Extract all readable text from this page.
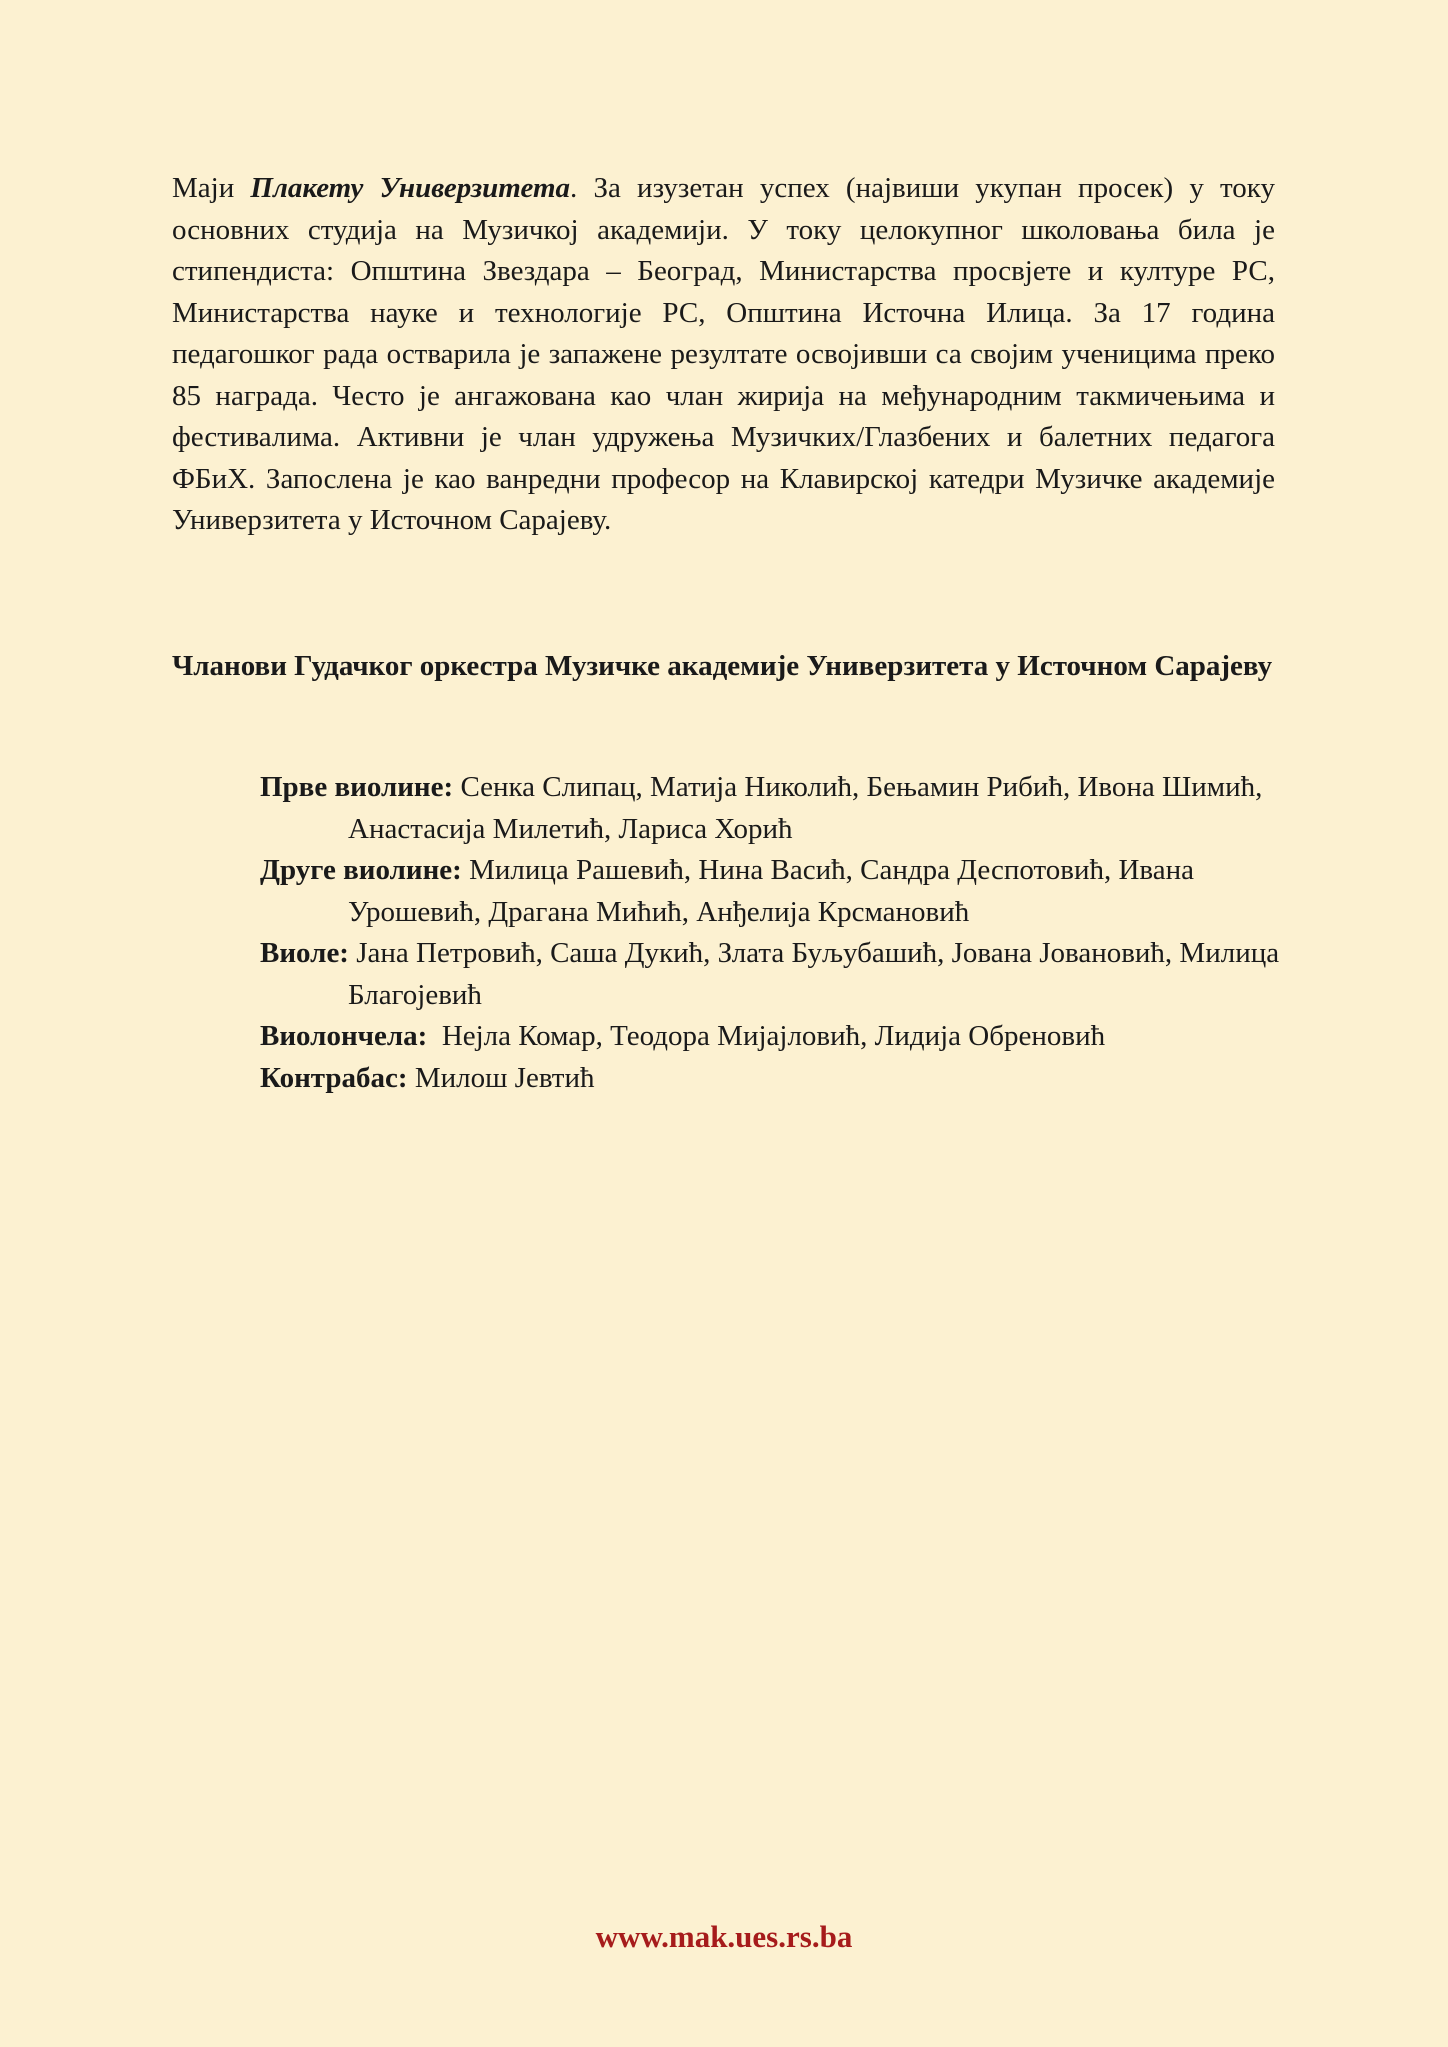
Маји Плакету Универзитета. За изузетан успех (највиши укупан просек) у току основних студија на Музичкој академији. У току целокупног школовања била је стипендиста: Општина Звездара – Београд, Министарства просвјете и културе РС, Министарства науке и технологије РС, Општина Источна Илица. За 17 година педагошког рада остварила је запажене резултате освојивши са својим ученицима преко 85 награда. Често је ангажована као члан жирија на међународним такмичењима и фестивалима. Активни је члан удружења Музичких/Глазбених и балетних педагога ФБиХ. Запослена је као ванредни професор на Клавирској катедри Музичке академије Универзитета у Источном Сарајеву.

Чланови Гудачког оркестра Музичке академије Универзитета у Источном Сарајеву

Прве виолине: Сенка Слипац, Матија Николић, Бењамин Рибић, Ивона Шимић, Анастасија Милетић, Лариса Хорић
Друге виолине: Милица Рашевић, Нина Васић, Сандра Деспотовић, Ивана Урошевић, Драгана Мићић, Анђелија Крсмановић
Виоле: Јана Петровић, Саша Дукић, Злата Буљубашић, Јована Јовановић, Милица Благојевић
Виолончела:  Нејла Комар, Теодора Мијајловић, Лидија Обреновић
Контрабас: Милош Јевтић
www.mak.ues.rs.ba
